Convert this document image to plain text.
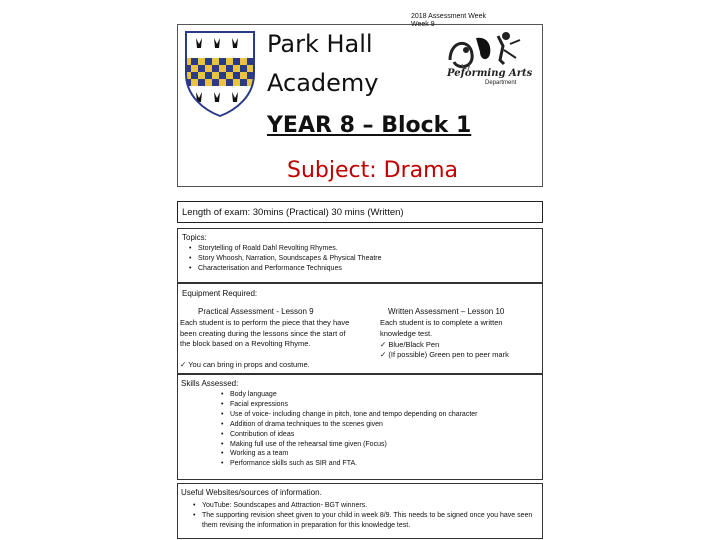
Park Hall
Academy
YEAR 8 – Block 1
Subject: Drama
2018 Assessment Week
Week 9
Peforming Arts
Department
Length of exam: 30mins (Practical) 30 mins (Written)
Topics:
• Storytelling of Roald Dahl Revolting Rhymes.
• Story Whoosh, Narration, Soundscapes & Physical Theatre
• Characterisation and Performance Techniques
Equipment Required:
Practical Assessment - Lesson 9
Each student is to perform the piece that they have been creating during the lessons since the start of the block based on a Revolting Rhyme.
✓ You can bring in props and costume.
Written Assessment – Lesson 10
Each student is to complete a written knowledge test.
✓ Blue/Black Pen
✓ (If possible) Green pen to peer mark
Skills Assessed:
• Body language
• Facial expressions
• Use of voice- including change in pitch, tone and tempo depending on character
• Addition of drama techniques to the scenes given
• Contribution of ideas
• Making full use of the rehearsal time given (Focus)
• Working as a team
• Performance skills such as SIR and FTA.
Useful Websites/sources of information.
• YouTube: Soundscapes and Attraction- BGT winners.
• The supporting revision sheet given to your child in week 8/9. This needs to be signed once you have seen them revising the information in preparation for this knowledge test.
